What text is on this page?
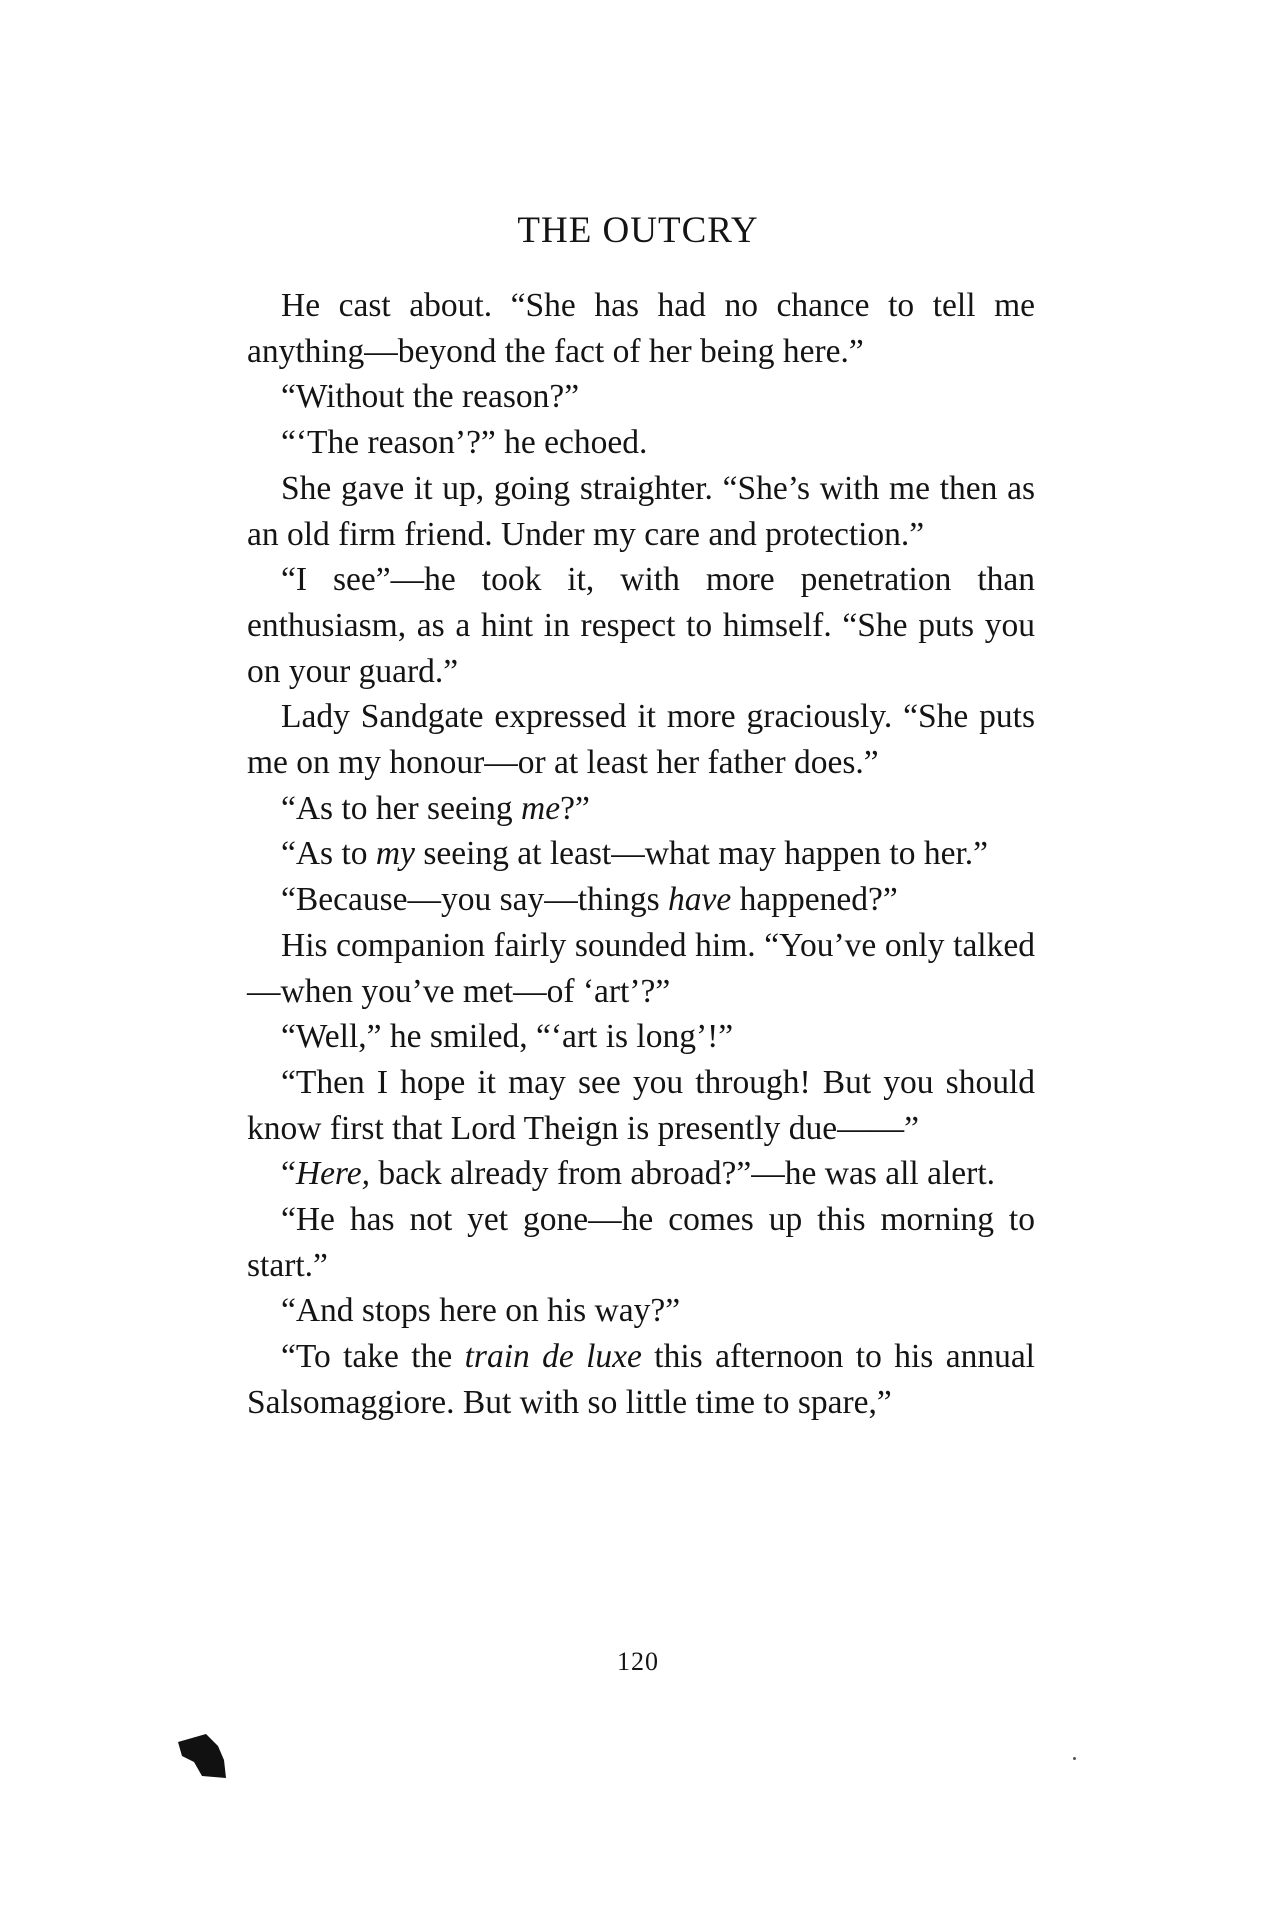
THE OUTCRY

He cast about. “She has had no chance to tell me anything—beyond the fact of her being here.”

“Without the reason?”

“‘The reason’?” he echoed.

She gave it up, going straighter. “She’s with me then as an old firm friend. Under my care and protection.”

“I see”—he took it, with more penetration than enthusiasm, as a hint in respect to himself. “She puts you on your guard.”

Lady Sandgate expressed it more graciously. “She puts me on my honour—or at least her father does.”

“As to her seeing me?”

“As to my seeing at least—what may happen to her.”

“Because—you say—things have happened?”

His companion fairly sounded him. “You’ve only talked—when you’ve met—of ‘art’?”

“Well,” he smiled, “‘art is long’!”

“Then I hope it may see you through! But you should know first that Lord Theign is presently due——”

“Here, back already from abroad?”—he was all alert.

“He has not yet gone—he comes up this morning to start.”

“And stops here on his way?”

“To take the train de luxe this afternoon to his annual Salsomaggiore. But with so little time to spare,”

120
